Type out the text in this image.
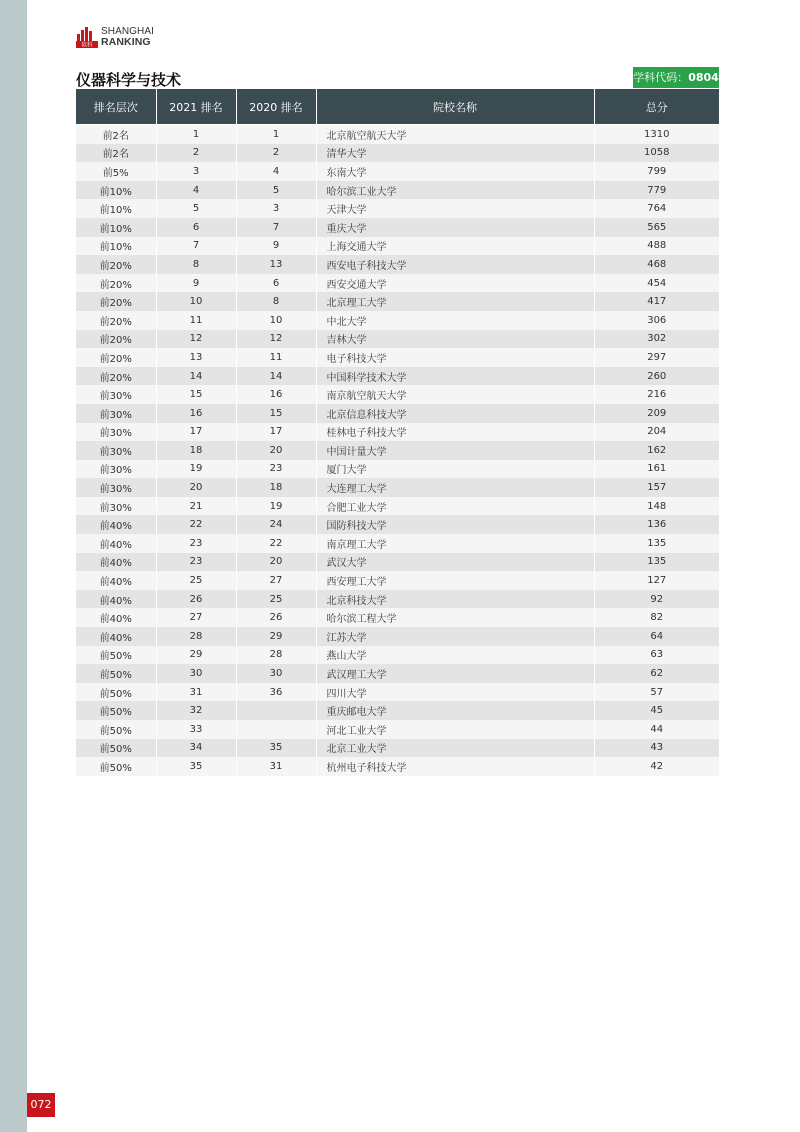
软科
SHANGHAI
RANKING
仪器科学与技术	学科代码：0804
排名层次	2021 排名	2020 排名	院校名称	总分
前2名	1	1	北京航空航天大学	1310
前2名	2	2	清华大学	1058
前5%	3	4	东南大学	799
前10%	4	5	哈尔滨工业大学	779
前10%	5	3	天津大学	764
前10%	6	7	重庆大学	565
前10%	7	9	上海交通大学	488
前20%	8	13	西安电子科技大学	468
前20%	9	6	西安交通大学	454
前20%	10	8	北京理工大学	417
前20%	11	10	中北大学	306
前20%	12	12	吉林大学	302
前20%	13	11	电子科技大学	297
前20%	14	14	中国科学技术大学	260
前30%	15	16	南京航空航天大学	216
前30%	16	15	北京信息科技大学	209
前30%	17	17	桂林电子科技大学	204
前30%	18	20	中国计量大学	162
前30%	19	23	厦门大学	161
前30%	20	18	大连理工大学	157
前30%	21	19	合肥工业大学	148
前40%	22	24	国防科技大学	136
前40%	23	22	南京理工大学	135
前40%	23	20	武汉大学	135
前40%	25	27	西安理工大学	127
前40%	26	25	北京科技大学	92
前40%	27	26	哈尔滨工程大学	82
前40%	28	29	江苏大学	64
前50%	29	28	燕山大学	63
前50%	30	30	武汉理工大学	62
前50%	31	36	四川大学	57
前50%	32		重庆邮电大学	45
前50%	33		河北工业大学	44
前50%	34	35	北京工业大学	43
前50%	35	31	杭州电子科技大学	42
072
